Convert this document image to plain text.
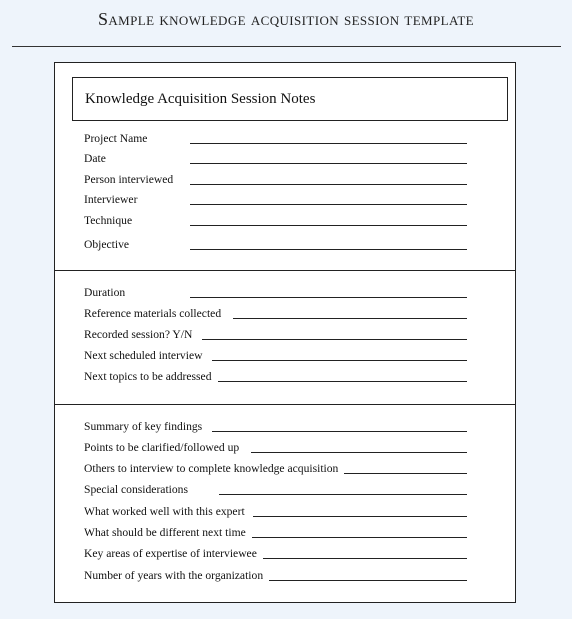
Sample knowledge acquisition session template
Knowledge Acquisition Session Notes
Project Name
Date
Person interviewed
Interviewer
Technique
Objective
Duration
Reference materials collected
Recorded session? Y/N
Next scheduled interview
Next topics to be addressed
Summary of key findings
Points to be clarified/followed up
Others to interview to complete knowledge acquisition
Special considerations
What worked well with this expert
What should be different next time
Key areas of expertise of interviewee
Number of years with the organization
